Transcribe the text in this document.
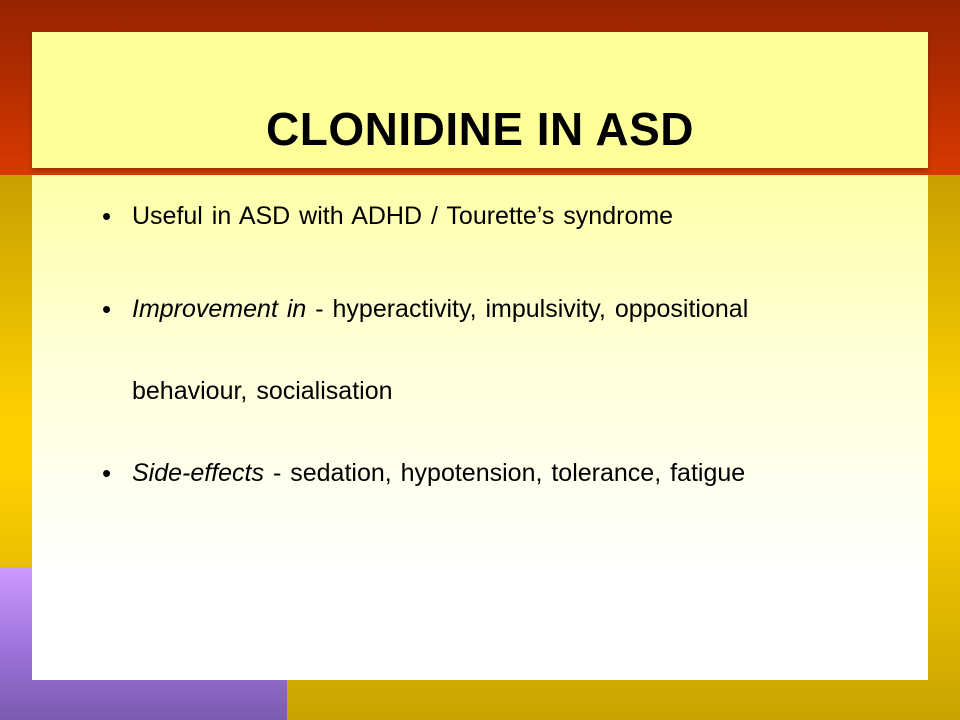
CLONIDINE IN ASD
• Useful in ASD with ADHD / Tourette’s syndrome
• Improvement in - hyperactivity, impulsivity, oppositional behaviour, socialisation
• Side-effects - sedation, hypotension, tolerance, fatigue
